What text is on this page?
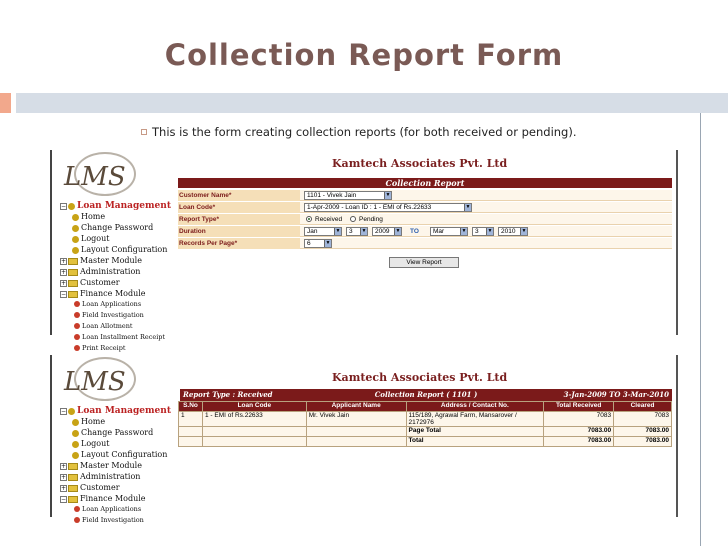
Collection Report Form
This is the form creating collection reports (for both received or pending).
LMS
− Loan Management
Home
Change Password
Logout
Layout Configuration
+ Master Module
+ Administration
+ Customer
− Finance Module
Loan Applications
Field Investigation
Loan Allotment
Loan Installment Receipt
Print Receipt
Kamtech Associates Pvt. Ltd
Collection Report
Customer Name*	1101 - Vivek Jain	▼
Loan Code*	1-Apr-2009 - Loan ID : 1 - EMI of Rs.22633	▼
Report Type*	Received	Pending
Duration	Jan	▼	3	▼	2009	▼ TO	Mar	▼	3	▼	2010	▼
Records Per Page*	6	▼
View Report
LMS
− Loan Management
Home
Change Password
Logout
Layout Configuration
+ Master Module
+ Administration
+ Customer
− Finance Module
Loan Applications
Field Investigation
Kamtech Associates Pvt. Ltd
Collection Report ( 1101 )
Report Type : Received	3-Jan-2009 TO 3-Mar-2010
S.No	Loan Code	Applicant Name	Address / Contact No.	Total Received	Cleared
1	1 - EMI of Rs.22633	Mr. Vivek Jain	115/189, Agrawal Farm, Mansarover / 2172976	7083	7083
			Page Total	7083.00	7083.00
			Total	7083.00	7083.00
